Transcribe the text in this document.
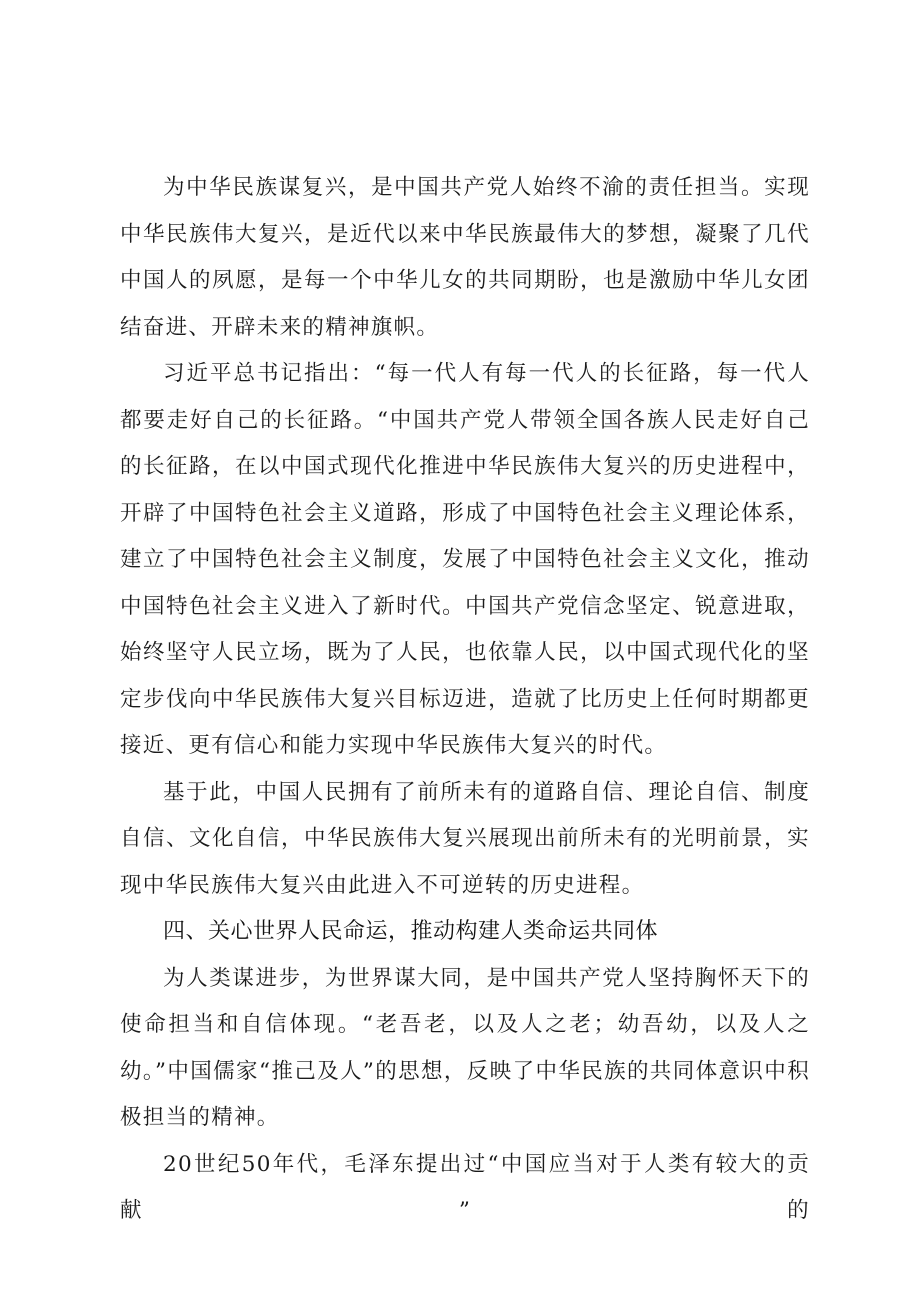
为中华民族谋复兴，是中国共产党人始终不渝的责任担当。实现中华民族伟大复兴，是近代以来中华民族最伟大的梦想，凝聚了几代中国人的夙愿，是每一个中华儿女的共同期盼，也是激励中华儿女团结奋进、开辟未来的精神旗帜。

习近平总书记指出：“每一代人有每一代人的长征路，每一代人都要走好自己的长征路。“中国共产党人带领全国各族人民走好自己的长征路，在以中国式现代化推进中华民族伟大复兴的历史进程中，开辟了中国特色社会主义道路，形成了中国特色社会主义理论体系，建立了中国特色社会主义制度，发展了中国特色社会主义文化，推动中国特色社会主义进入了新时代。中国共产党信念坚定、锐意进取，始终坚守人民立场，既为了人民，也依靠人民，以中国式现代化的坚定步伐向中华民族伟大复兴目标迈进，造就了比历史上任何时期都更接近、更有信心和能力实现中华民族伟大复兴的时代。

基于此，中国人民拥有了前所未有的道路自信、理论自信、制度自信、文化自信，中华民族伟大复兴展现出前所未有的光明前景，实现中华民族伟大复兴由此进入不可逆转的历史进程。

四、关心世界人民命运，推动构建人类命运共同体

为人类谋进步，为世界谋大同，是中国共产党人坚持胸怀天下的使命担当和自信体现。“老吾老，以及人之老；幼吾幼，以及人之幼。”中国儒家“推己及人”的思想，反映了中华民族的共同体意识中积极担当的精神。

20世纪50年代，毛泽东提出过“中国应当对于人类有较大的贡献”的
